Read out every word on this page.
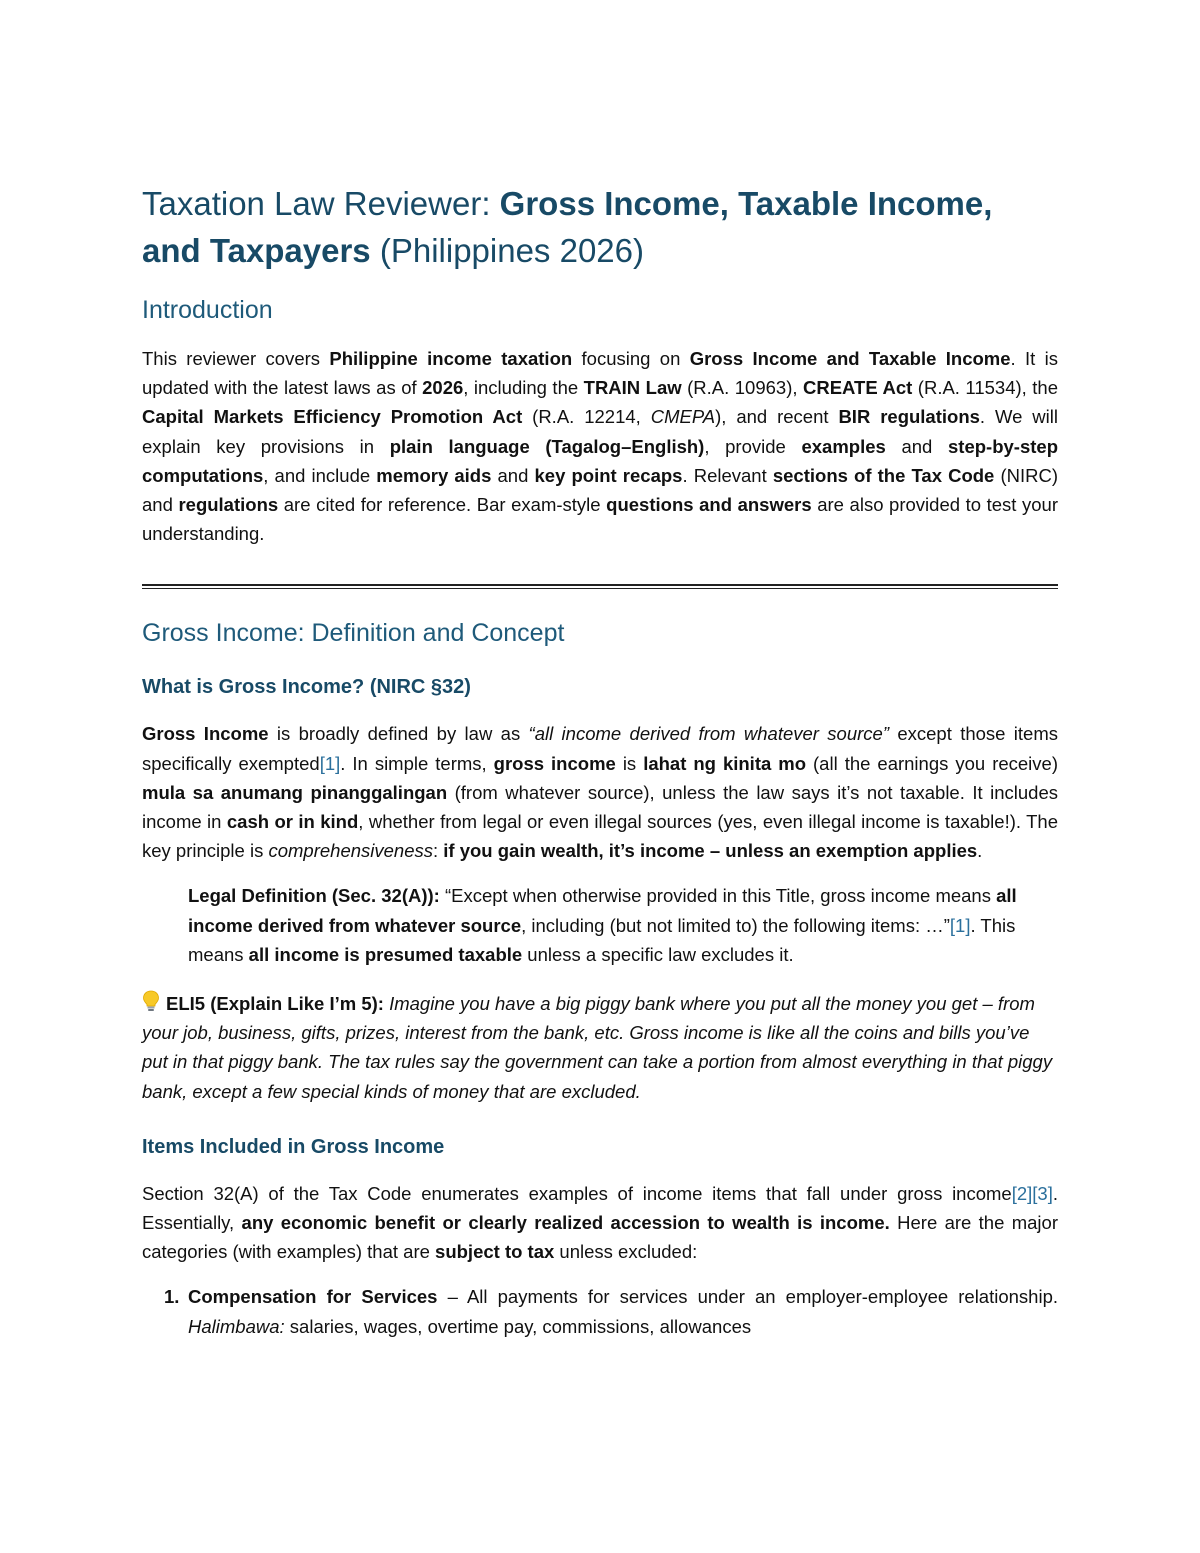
Taxation Law Reviewer: Gross Income, Taxable Income, and Taxpayers (Philippines 2026)
Introduction

This reviewer covers Philippine income taxation focusing on Gross Income and Taxable Income. It is updated with the latest laws as of 2026, including the TRAIN Law (R.A. 10963), CREATE Act (R.A. 11534), the Capital Markets Efficiency Promotion Act (R.A. 12214, CMEPA), and recent BIR regulations. We will explain key provisions in plain language (Tagalog–English), provide examples and step-by-step computations, and include memory aids and key point recaps. Relevant sections of the Tax Code (NIRC) and regulations are cited for reference. Bar exam-style questions and answers are also provided to test your understanding.

Gross Income: Definition and Concept
What is Gross Income? (NIRC §32)

Gross Income is broadly defined by law as “all income derived from whatever source” except those items specifically exempted[1]. In simple terms, gross income is lahat ng kinita mo (all the earnings you receive) mula sa anumang pinanggalingan (from whatever source), unless the law says it’s not taxable. It includes income in cash or in kind, whether from legal or even illegal sources (yes, even illegal income is taxable!). The key principle is comprehensiveness: if you gain wealth, it’s income – unless an exemption applies.

Legal Definition (Sec. 32(A)): “Except when otherwise provided in this Title, gross income means all income derived from whatever source, including (but not limited to) the following items: …”[1]. This means all income is presumed taxable unless a specific law excludes it.

ELI5 (Explain Like I’m 5): Imagine you have a big piggy bank where you put all the money you get – from your job, business, gifts, prizes, interest from the bank, etc. Gross income is like all the coins and bills you’ve put in that piggy bank. The tax rules say the government can take a portion from almost everything in that piggy bank, except a few special kinds of money that are excluded.

Items Included in Gross Income

Section 32(A) of the Tax Code enumerates examples of income items that fall under gross income[2][3]. Essentially, any economic benefit or clearly realized accession to wealth is income. Here are the major categories (with examples) that are subject to tax unless excluded:

1. Compensation for Services – All payments for services under an employer-employee relationship. Halimbawa: salaries, wages, overtime pay, commissions, allowances
